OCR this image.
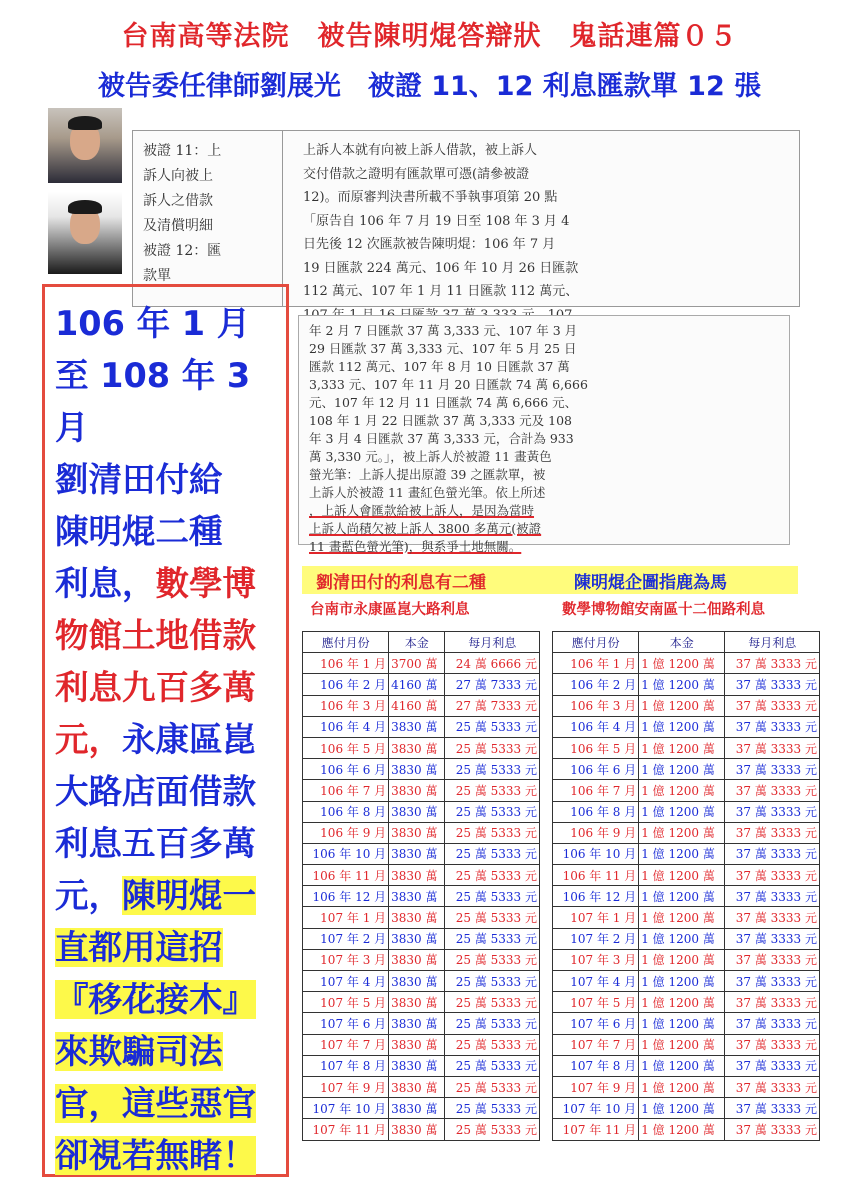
台南高等法院　被告陳明焜答辯狀　鬼話連篇０５
被告委任律師劉展光　被證 11、12 利息匯款單 12 張
被證 11：上
訴人向被上
訴人之借款
及清償明細
被證 12：匯
款單
上訴人本就有向被上訴人借款，被上訴人
交付借款之證明有匯款單可憑(請參被證
12)。而原審判決書所載不爭執事項第 20 點
「原告自 106 年 7 月 19 日至 108 年 3 月 4
日先後 12 次匯款被告陳明焜：106 年 7 月
19 日匯款 224 萬元、106 年 10 月 26 日匯款
112 萬元、107 年 1 月 11 日匯款 112 萬元、
年 2 月 7 日匯款 37 萬 3,333 元、107 年 3 月
29 日匯款 37 萬 3,333 元、107 年 5 月 25 日
匯款 112 萬元、107 年 8 月 10 日匯款 37 萬
3,333 元、107 年 11 月 20 日匯款 74 萬 6,666
元、107 年 12 月 11 日匯款 74 萬 6,666 元、
108 年 1 月 22 日匯款 37 萬 3,333 元及 108
年 3 月 4 日匯款 37 萬 3,333 元，合計為 933
萬 3,330 元。」，被上訴人於被證 11 畫黃色
螢光筆：上訴人提出原證 39 之匯款單，被
上訴人於被證 11 畫紅色螢光筆。依上所述
，上訴人會匯款給被上訴人，是因為當時
上訴人尚積欠被上訴人 3800 多萬元(被證
11 畫藍色螢光筆)，與系爭土地無關。
106 年 1 月
至 108 年 3 月
劉清田付給
陳明焜二種
利息，數學博物館土地借款利息九百多萬元，永康區崑大路店面借款利息五百多萬元，陳明焜一直都用這招『移花接木』來欺騙司法官，這些惡官卻視若無睹！
劉清田付的利息有二種	陳明焜企圖指鹿為馬
台南市永康區崑大路利息	數學博物館安南區十二佃路利息
應付月份	本金	每月利息
106 年 1 月	3700 萬	24 萬 6666 元
106 年 2 月	4160 萬	27 萬 7333 元
106 年 3 月	4160 萬	27 萬 7333 元
106 年 4 月	3830 萬	25 萬 5333 元
106 年 5 月	3830 萬	25 萬 5333 元
106 年 6 月	3830 萬	25 萬 5333 元
106 年 7 月	3830 萬	25 萬 5333 元
106 年 8 月	3830 萬	25 萬 5333 元
106 年 9 月	3830 萬	25 萬 5333 元
106 年 10 月	3830 萬	25 萬 5333 元
106 年 11 月	3830 萬	25 萬 5333 元
106 年 12 月	3830 萬	25 萬 5333 元
107 年 1 月	3830 萬	25 萬 5333 元
107 年 2 月	3830 萬	25 萬 5333 元
107 年 3 月	3830 萬	25 萬 5333 元
107 年 4 月	3830 萬	25 萬 5333 元
107 年 5 月	3830 萬	25 萬 5333 元
107 年 6 月	3830 萬	25 萬 5333 元
107 年 7 月	3830 萬	25 萬 5333 元
107 年 8 月	3830 萬	25 萬 5333 元
107 年 9 月	3830 萬	25 萬 5333 元
107 年 10 月	3830 萬	25 萬 5333 元
107 年 11 月	3830 萬	25 萬 5333 元
應付月份	本金	每月利息
106 年 1 月	1 億 1200 萬	37 萬 3333 元
106 年 2 月	1 億 1200 萬	37 萬 3333 元
106 年 3 月	1 億 1200 萬	37 萬 3333 元
106 年 4 月	1 億 1200 萬	37 萬 3333 元
106 年 5 月	1 億 1200 萬	37 萬 3333 元
106 年 6 月	1 億 1200 萬	37 萬 3333 元
106 年 7 月	1 億 1200 萬	37 萬 3333 元
106 年 8 月	1 億 1200 萬	37 萬 3333 元
106 年 9 月	1 億 1200 萬	37 萬 3333 元
106 年 10 月	1 億 1200 萬	37 萬 3333 元
106 年 11 月	1 億 1200 萬	37 萬 3333 元
106 年 12 月	1 億 1200 萬	37 萬 3333 元
107 年 1 月	1 億 1200 萬	37 萬 3333 元
107 年 2 月	1 億 1200 萬	37 萬 3333 元
107 年 3 月	1 億 1200 萬	37 萬 3333 元
107 年 4 月	1 億 1200 萬	37 萬 3333 元
107 年 5 月	1 億 1200 萬	37 萬 3333 元
107 年 6 月	1 億 1200 萬	37 萬 3333 元
107 年 7 月	1 億 1200 萬	37 萬 3333 元
107 年 8 月	1 億 1200 萬	37 萬 3333 元
107 年 9 月	1 億 1200 萬	37 萬 3333 元
107 年 10 月	1 億 1200 萬	37 萬 3333 元
107 年 11 月	1 億 1200 萬	37 萬 3333 元
